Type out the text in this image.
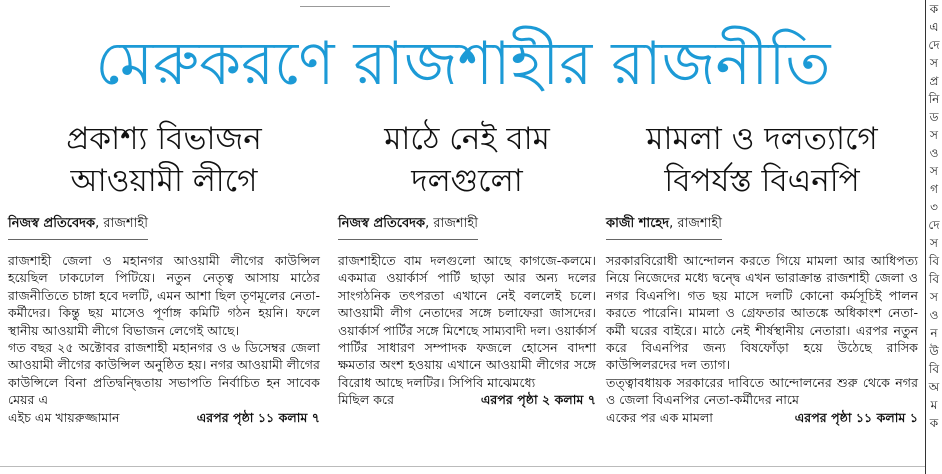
মেরুকরণে রাজশাহীর রাজনীতি
প্রকাশ্য বিভাজন
আওয়ামী লীগে
নিজস্ব প্রতিবেদক, রাজশাহী

রাজশাহী জেলা ও মহানগর আওয়ামী লীগের কাউন্সিল হয়েছিল ঢাকঢোল পিটিয়ে। নতুন নেতৃত্ব আসায় মাঠের রাজনীতিতে চাঙ্গা হবে দলটি, এমন আশা ছিল তৃণমূলের নেতা-কর্মীদের। কিন্তু ছয় মাসেও পূর্ণাঙ্গ কমিটি গঠন হয়নি। ফলে স্থানীয় আওয়ামী লীগে বিভাজন লেগেই আছে।

গত বছর ২৫ অক্টোবর রাজশাহী মহানগর ও ৬ ডিসেম্বর জেলা আওয়ামী লীগের কাউন্সিল অনুষ্ঠিত হয়। নগর আওয়ামী লীগের কাউন্সিলে বিনা প্রতিদ্বন্দ্বিতায় সভাপতি নির্বাচিত হন সাবেক মেয়র এ

এইচ এম খায়রুজ্জামান	এরপর পৃষ্ঠা ১১ কলাম ৭
মাঠে নেই বাম
দলগুলো
নিজস্ব প্রতিবেদক, রাজশাহী

রাজশাহীতে বাম দলগুলো আছে কাগজে-কলমে। একমাত্র ওয়ার্কার্স পার্টি ছাড়া আর অন্য দলের সাংগঠনিক তৎপরতা এখানে নেই বললেই চলে। আওয়ামী লীগ নেতাদের সঙ্গে চলাফেরা জাসদের। ওয়ার্কার্স পার্টির সঙ্গে মিশেছে সাম্যবাদী দল। ওয়ার্কার্স পার্টির সাধারণ সম্পাদক ফজলে হোসেন বাদশা ক্ষমতার অংশ হওয়ায় এখানে আওয়ামী লীগের সঙ্গে বিরোধ আছে দলটির। সিপিবি মাঝেমধ্যে

মিছিল করে	এরপর পৃষ্ঠা ২ কলাম ৭
মামলা ও দলত্যাগে
বিপর্যস্ত বিএনপি
কাজী শাহেদ, রাজশাহী

সরকারবিরোধী আন্দোলন করতে গিয়ে মামলা আর আধিপত্য নিয়ে নিজেদের মধ্যে দ্বন্দ্বে এখন ভারাক্রান্ত রাজশাহী জেলা ও নগর বিএনপি। গত ছয় মাসে দলটি কোনো কর্মসূচিই পালন করতে পারেনি। মামলা ও গ্রেফতার আতঙ্কে অধিকাংশ নেতা-কর্মী ঘরের বাইরে। মাঠে নেই শীর্ষস্থানীয় নেতারা। এরপর নতুন করে বিএনপির জন্য বিষফোঁড়া হয়ে উঠেছে রাসিক কাউন্সিলরদের দল ত্যাগ।

তত্ত্বাবধায়ক সরকারের দাবিতে আন্দোলনের শুরু থেকে নগর ও জেলা বিএনপির নেতা-কর্মীদের নামে

একের পর এক মামলা	এরপর পৃষ্ঠা ১১ কলাম ১
ক
এ
দে
স
প্র
নি
ড
স
ও
স
গ
৩
দে
স
বি
বি
স
ও
ন
উ
বি
অ
ম
ক
